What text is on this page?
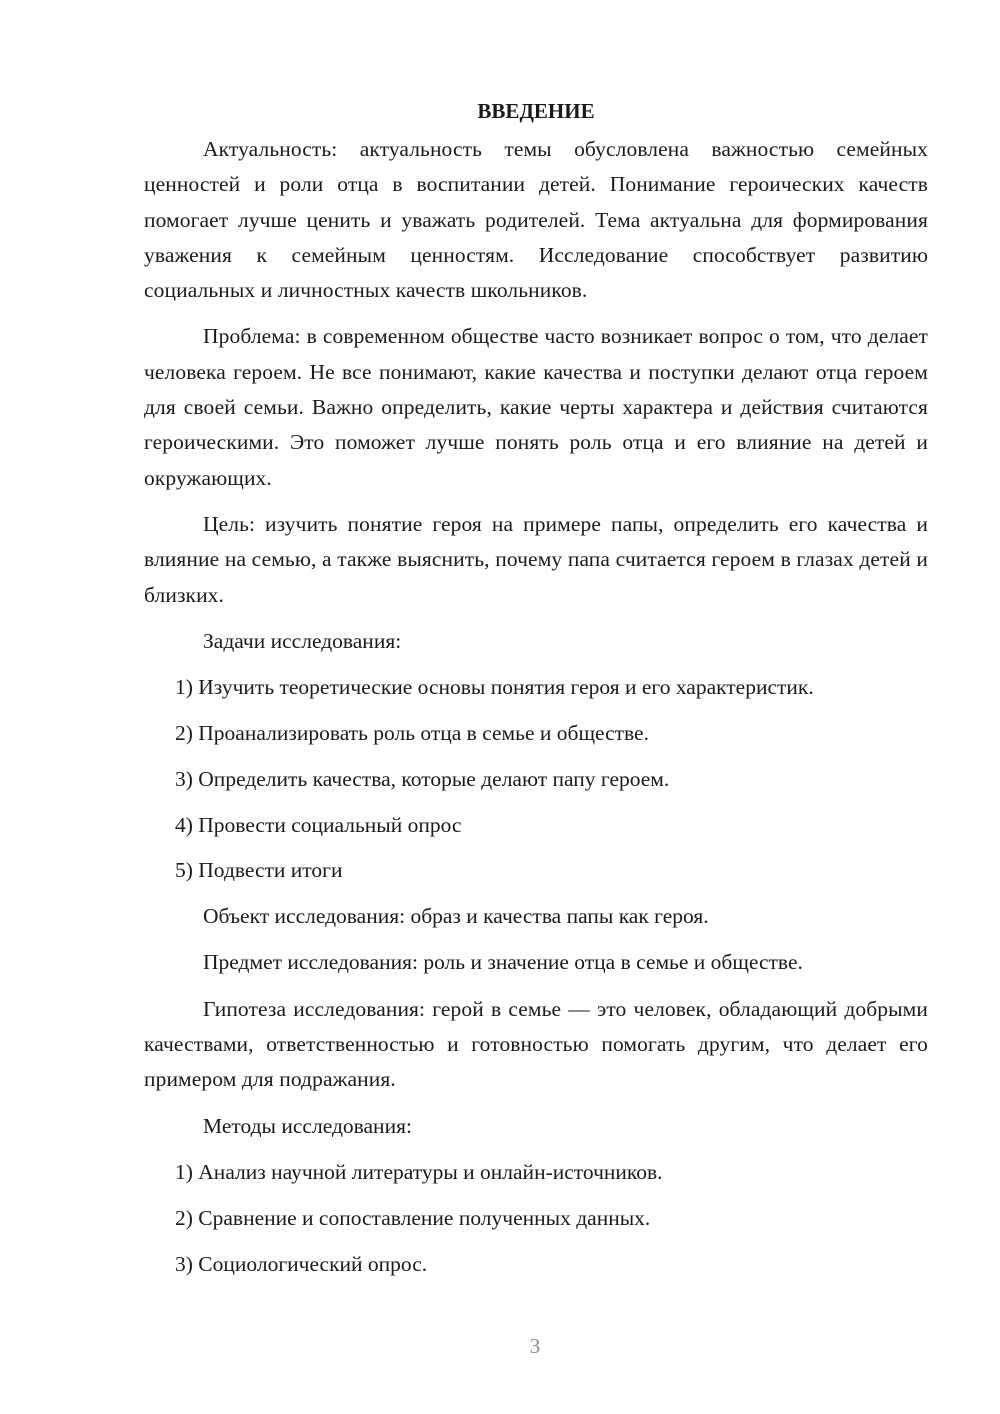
ВВЕДЕНИЕ

Актуальность: актуальность темы обусловлена важностью семейных ценностей и роли отца в воспитании детей. Понимание героических качеств помогает лучше ценить и уважать родителей. Тема актуальна для формирования уважения к семейным ценностям. Исследование способствует развитию социальных и личностных качеств школьников.

Проблема: в современном обществе часто возникает вопрос о том, что делает человека героем. Не все понимают, какие качества и поступки делают отца героем для своей семьи. Важно определить, какие черты характера и действия считаются героическими. Это поможет лучше понять роль отца и его влияние на детей и окружающих.

Цель: изучить понятие героя на примере папы, определить его качества и влияние на семью, а также выяснить, почему папа считается героем в глазах детей и близких.

Задачи исследования:
1) Изучить теоретические основы понятия героя и его характеристик.
2) Проанализировать роль отца в семье и обществе.
3) Определить качества, которые делают папу героем.
4) Провести социальный опрос
5) Подвести итоги
Объект исследования: образ и качества папы как героя.
Предмет исследования: роль и значение отца в семье и обществе.

Гипотеза исследования: герой в семье — это человек, обладающий добрыми качествами, ответственностью и готовностью помогать другим, что делает его примером для подражания.

Методы исследования:
1) Анализ научной литературы и онлайн-источников.
2) Сравнение и сопоставление полученных данных.
3) Социологический опрос.
3
